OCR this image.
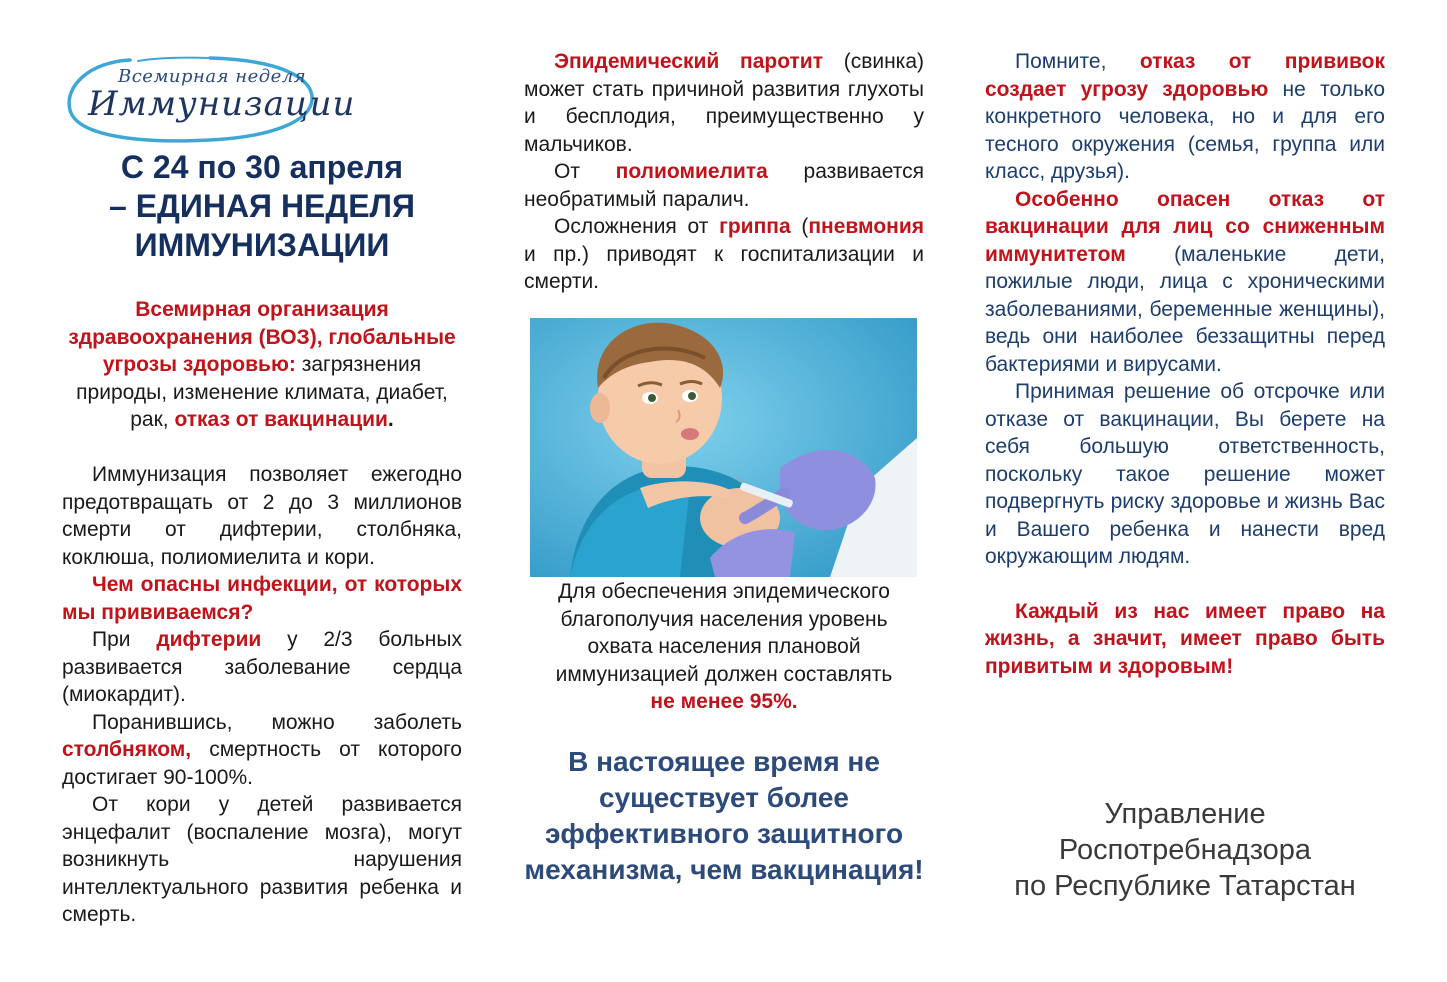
Всемирная неделя
Иммунизации
С 24 по 30 апреля
– ЕДИНАЯ НЕДЕЛЯ
ИММУНИЗАЦИИ
Всемирная организация здравоохранения (ВОЗ), глобальные угрозы здоровью: загрязнения природы, изменение климата, диабет, рак, отказ от вакцинации.

Иммунизация позволяет ежегодно предотвращать от 2 до 3 миллионов смерти от дифтерии, столбняка, коклюша, полиомиелита и кори.

Чем опасны инфекции, от которых мы прививаемся?

При дифтерии у 2/3 больных развивается заболевание сердца (миокардит).

Поранившись, можно заболеть столбняком, смертность от которого достигает 90-100%.

От кори у детей развивается энцефалит (воспаление мозга), могут возникнуть нарушения интеллектуального развития ребенка и смерть.

Эпидемический паротит (свинка) может стать причиной развития глухоты и бесплодия, преимущественно у мальчиков.

От полиомиелита развивается необратимый паралич.

Осложнения от гриппа (пневмония и пр.) приводят к госпитализации и смерти.

Для обеспечения эпидемического благополучия населения уровень охвата населения плановой иммунизацией должен составлять
не менее 95%.
В настоящее время не существует более эффективного защитного механизма, чем вакцинация!

Помните, отказ от прививок создает угрозу здоровью не только конкретного человека, но и для его тесного окружения (семья, группа или класс, друзья).

Особенно опасен отказ от вакцинации для лиц со сниженным иммунитетом (маленькие дети, пожилые люди, лица с хроническими заболеваниями, беременные женщины), ведь они наиболее беззащитны перед бактериями и вирусами.

Принимая решение об отсрочке или отказе от вакцинации, Вы берете на себя большую ответственность, поскольку такое решение может подвергнуть риску здоровье и жизнь Вас и Вашего ребенка и нанести вред окружающим людям.

Каждый из нас имеет право на жизнь, а значит, имеет право быть привитым и здоровым!

Управление
Роспотребнадзора
по Республике Татарстан
